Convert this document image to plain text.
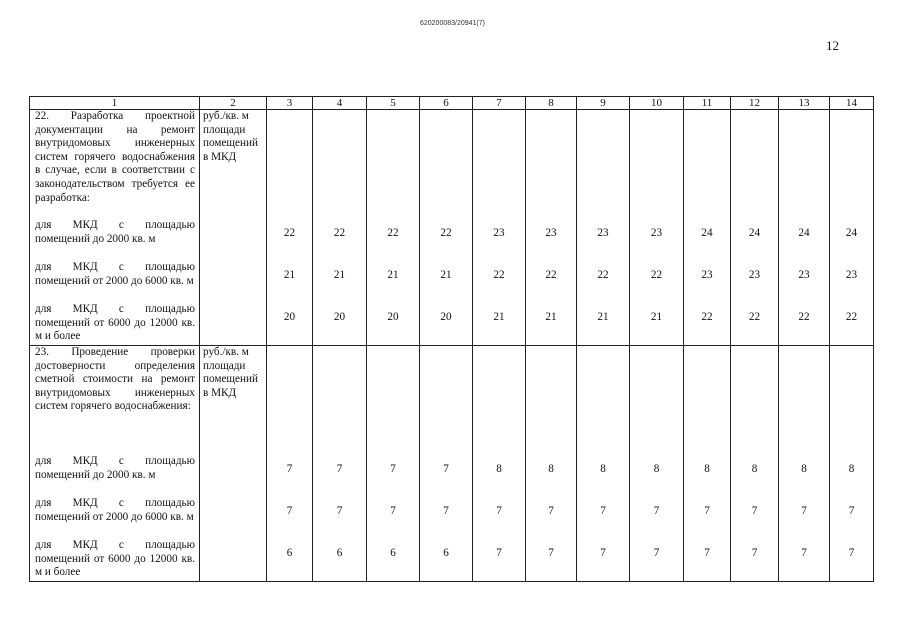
620200083/20941(7)
12
1	2	3	4	5	6	7	8	9	10	11	12	13	14
22. Разработка проектной документации на ремонт внутридомовых инженерных систем горячего водоснабжения в случае, если в соответствии с законодательством требуется ее разработка:	руб./кв. м площади помещений в МКД												
для МКД с площадью помещений до 2000 кв. м		22	22	22	22	23	23	23	23	24	24	24	24

для МКД с площадью помещений от 2000 до 6000 кв. м		21	21	21	21	22	22	22	22	23	23	23	23

для МКД с площадью помещений от 6000 до 12000 кв. м и более		20	20	20	20	21	21	21	21	22	22	22	22

23. Проведение проверки достоверности определения сметной стоимости на ремонт внутридомовых инженерных систем горячего водоснабжения:	руб./кв. м площади помещений в МКД												
для МКД с площадью помещений до 2000 кв. м		7	7	7	7	8	8	8	8	8	8	8	8

для МКД с площадью помещений от 2000 до 6000 кв. м		7	7	7	7	7	7	7	7	7	7	7	7

для МКД с площадью помещений от 6000 до 12000 кв. м и более		6	6	6	6	7	7	7	7	7	7	7	7
